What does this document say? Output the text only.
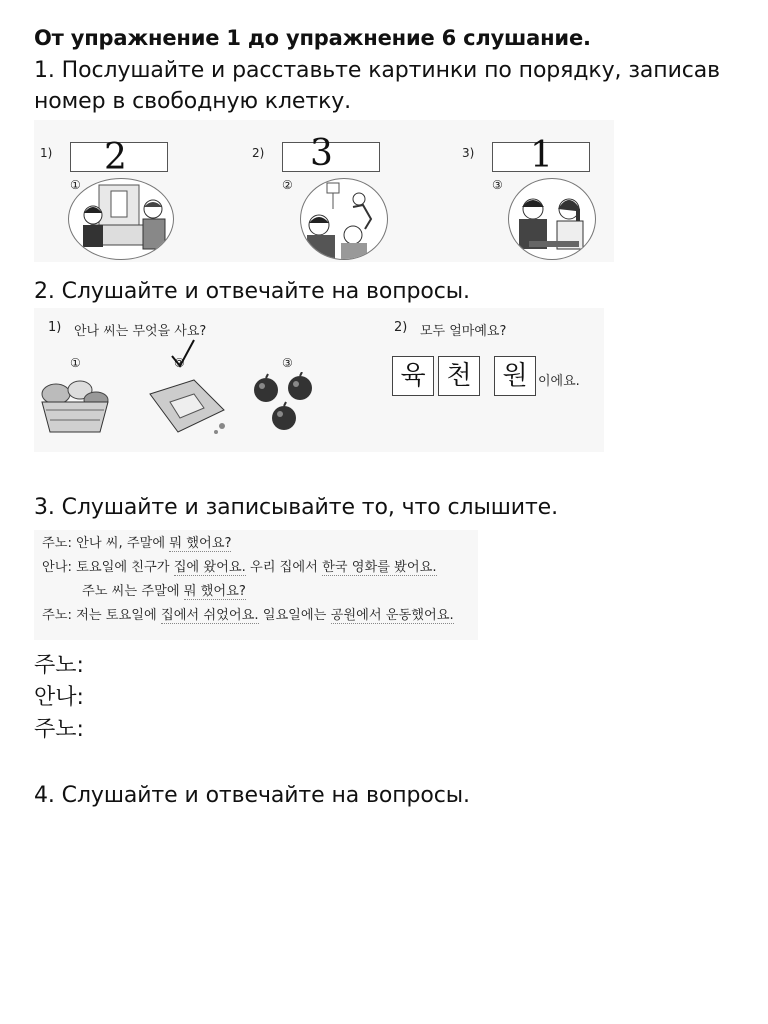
От упражнение 1 до упражнение 6 слушание.
1. Послушайте и расставьте картинки по порядку, записав
номер в свободную клетку.
1) 2
①
2) 3
②
3) 1
③
2. Слушайте и отвечайте на вопросы.
1) 안나 씨는 무엇을 사요?
①	②	③
2) 모두 얼마예요?
육 천	원 이에요.
3. Слушайте и записывайте то, что слышите.
주노: 안나 씨, 주말에 뭐 했어요?
안나: 토요일에 친구가 집에 왔어요. 우리 집에서 한국 영화를 봤어요.
주노 씨는 주말에 뭐 했어요?
주노: 저는 토요일에 집에서 쉬었어요. 일요일에는 공원에서 운동했어요.
주노:
안나:
주노:
4. Слушайте и отвечайте на вопросы.
